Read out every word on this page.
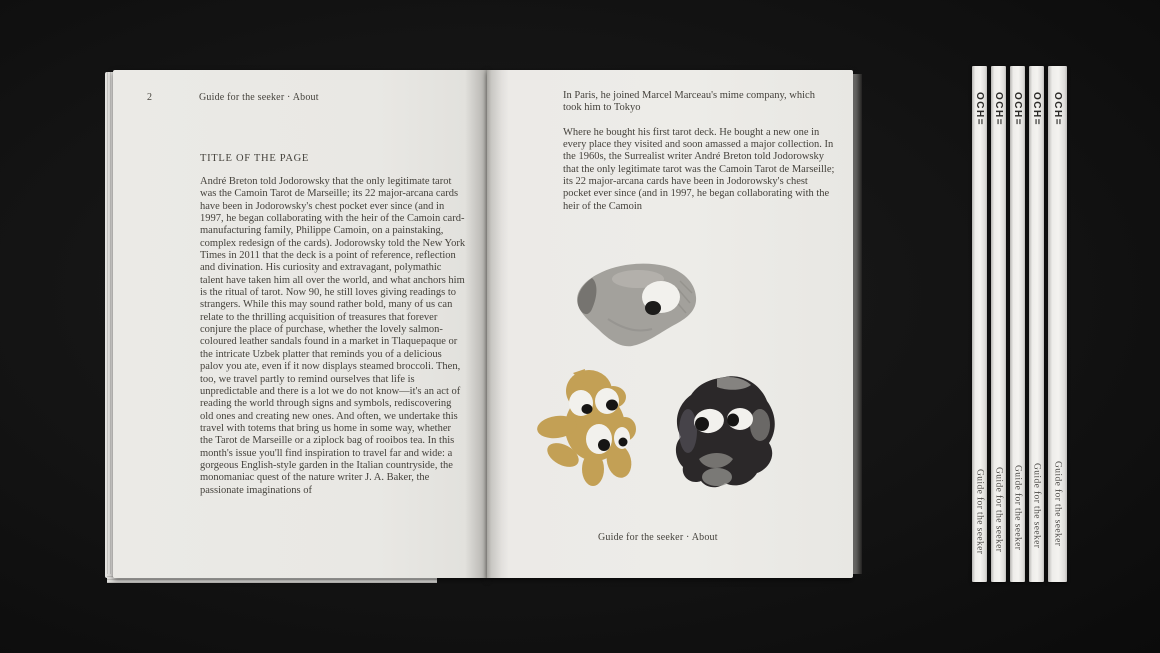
2	Guide for the seeker · About
TITLE OF THE PAGE
André Breton told Jodorowsky that the only legitimate tarot was the Camoin Tarot de Marseille; its 22 major-arcana cards have been in Jodorowsky's chest pocket ever since (and in 1997, he began collaborating with the heir of the Camoin card-manufacturing family, Philippe Camoin, on a painstaking, complex redesign of the cards). Jodorowsky told the New York Times in 2011 that the deck is a point of reference, reflection and divination. His curiosity and extravagant, polymathic talent have taken him all over the world, and what anchors him is the ritual of tarot. Now 90, he still loves giving readings to strangers. While this may sound rather bold, many of us can relate to the thrilling acquisition of treasures that forever conjure the place of purchase, whether the lovely salmon-coloured leather sandals found in a market in Tlaquepaque or the intricate Uzbek platter that reminds you of a delicious palov you ate, even if it now displays steamed broccoli. Then, too, we travel partly to remind ourselves that life is unpredictable and there is a lot we do not know—it's an act of reading the world through signs and symbols, rediscovering old ones and creating new ones. And often, we undertake this travel with totems that bring us home in some way, whether the Tarot de Marseille or a ziplock bag of rooibos tea. In this month's issue you'll find inspiration to travel far and wide: a gorgeous English-style garden in the Italian countryside, the monomaniac quest of the nature writer J. A. Baker, the passionate imaginations of

In Paris, he joined Marcel Marceau's mime company, which took him to Tokyo

Where he bought his first tarot deck. He bought a new one in every place they visited and soon amassed a major collection. In the 1960s, the Surrealist writer André Breton told Jodorowsky that the only legitimate tarot was the Camoin Tarot de Marseille; its 22 major-arcana cards have been in Jodorowsky's chest pocket ever since (and in 1997, he began collaborating with the heir of the Camoin

Guide for the seeker · About
OCH=
Guide for the seeker
OCH=
Guide for the seeker
OCH=
Guide for the seeker
OCH=
Guide for the seeker
OCH=
Guide for the seeker
